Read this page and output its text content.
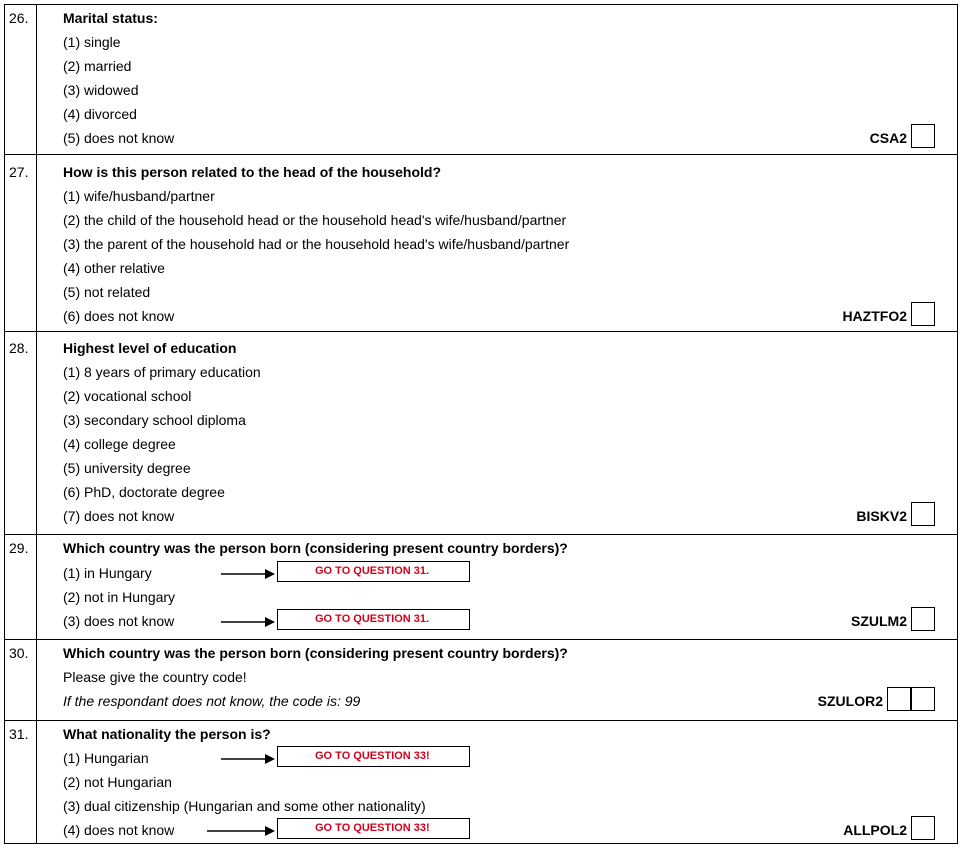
26. Marital status:
(1) single
(2) married
(3) widowed
(4) divorced
(5) does not know	CSA2
27. How is this person related to the head of the household?
(1) wife/husband/partner
(2) the child of the household head or the household head's wife/husband/partner
(3) the parent of the household had or the household head's wife/husband/partner
(4) other relative
(5) not related
(6) does not know	HAZTFO2
28. Highest level of education
(1) 8 years of primary education
(2) vocational school
(3) secondary school diploma
(4) college degree
(5) university degree
(6) PhD, doctorate degree
(7) does not know	BISKV2
29. Which country was the person born (considering present country borders)?
(1) in Hungary	GO TO QUESTION 31.
(2) not in Hungary
(3) does not know	GO TO QUESTION 31.	SZULM2
30. Which country was the person born (considering present country borders)?
Please give the country code!
If the respondant does not know, the code is: 99	SZULOR2
31. What nationality the person is?
(1) Hungarian	GO TO QUESTION 33!
(2) not Hungarian
(3) dual citizenship (Hungarian and some other nationality)
(4) does not know	GO TO QUESTION 33!	ALLPOL2
